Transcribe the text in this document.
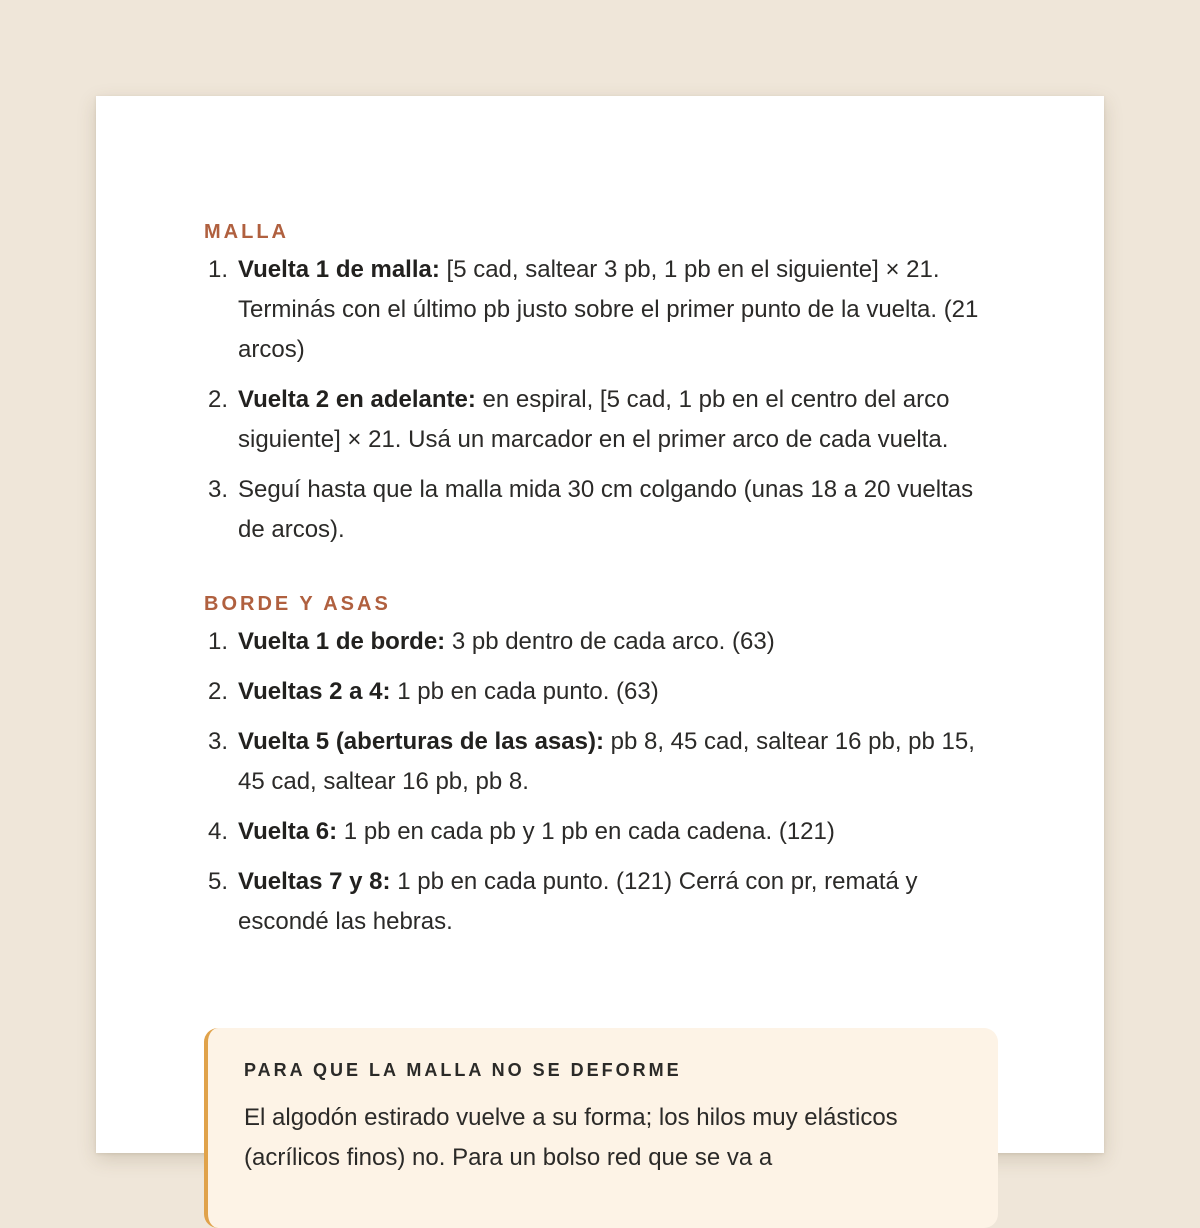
MALLA
1. Vuelta 1 de malla: [5 cad, saltear 3 pb, 1 pb en el siguiente] × 21. Terminás con el último pb justo sobre el primer punto de la vuelta. (21 arcos)
2. Vuelta 2 en adelante: en espiral, [5 cad, 1 pb en el centro del arco siguiente] × 21. Usá un marcador en el primer arco de cada vuelta.
3. Seguí hasta que la malla mida 30 cm colgando (unas 18 a 20 vueltas de arcos).
BORDE Y ASAS
1. Vuelta 1 de borde: 3 pb dentro de cada arco. (63)
2. Vueltas 2 a 4: 1 pb en cada punto. (63)
3. Vuelta 5 (aberturas de las asas): pb 8, 45 cad, saltear 16 pb, pb 15, 45 cad, saltear 16 pb, pb 8.
4. Vuelta 6: 1 pb en cada pb y 1 pb en cada cadena. (121)
5. Vueltas 7 y 8: 1 pb en cada punto. (121) Cerrá con pr, rematá y escondé las hebras.
PARA QUE LA MALLA NO SE DEFORME

El algodón estirado vuelve a su forma; los hilos muy elásticos (acrílicos finos) no. Para un bolso red que se va a
